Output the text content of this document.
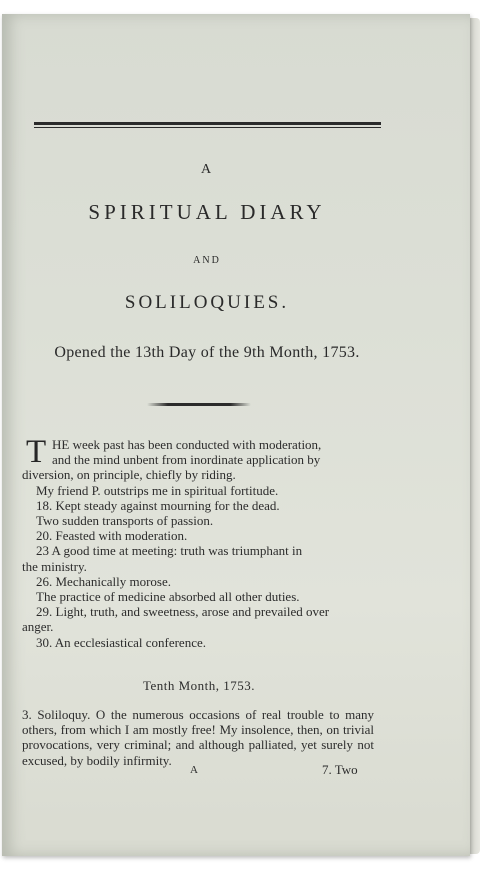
A
SPIRITUAL DIARY
AND
SOLILOQUIES.
Opened the 13th Day of the 9th Month, 1753.
T HE week past has been conducted with moderation,
and the mind unbent from inordinate application by
diversion, on principle, chiefly by riding.
My friend P. outstrips me in spiritual fortitude.
18. Kept steady against mourning for the dead.
Two sudden transports of passion.
20. Feasted with moderation.
23 A good time at meeting: truth was triumphant in
the ministry.
26. Mechanically morose.
The practice of medicine absorbed all other duties.
29. Light, truth, and sweetness, arose and prevailed over
anger.
30. An ecclesiastical conference.
Tenth Month, 1753.
3. Soliloquy. O the numerous occasions of real trouble to many others, from which I am mostly free! My insolence, then, on trivial provocations, very criminal; and although palliated, yet surely not excused, by bodily infirmity.
A	7. Two
